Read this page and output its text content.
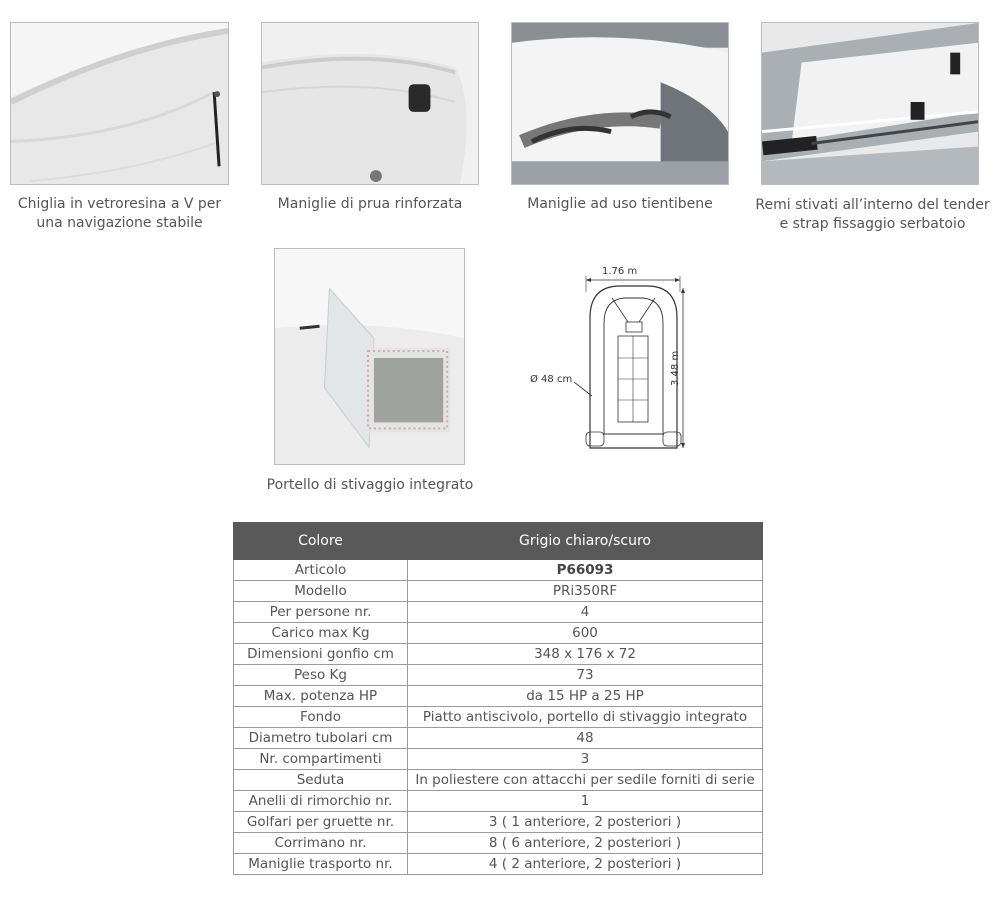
Chiglia in vetroresina a V per una navigazione stabile
Maniglie di prua rinforzata	Maniglie ad uso tientibene	Remi stivati all’interno del tender e strap fissaggio serbatoio
Portello di stivaggio integrato
1.76 m
3.48 m
Ø 48 cm
Colore	Grigio chiaro/scuro
Articolo	P66093
Modello	PRi350RF
Per persone nr.	4
Carico max Kg	600
Dimensioni gonfio cm	348 x 176 x 72
Peso Kg	73
Max. potenza HP	da 15 HP a 25 HP
Fondo	Piatto antiscivolo, portello di stivaggio integrato
Diametro tubolari cm	48
Nr. compartimenti	3
Seduta	In poliestere con attacchi per sedile forniti di serie
Anelli di rimorchio nr.	1
Golfari per gruette nr.	3 ( 1 anteriore, 2 posteriori )
Corrimano nr.	8 ( 6 anteriore, 2 posteriori )
Maniglie trasporto nr.	4 ( 2 anteriore, 2 posteriori )
